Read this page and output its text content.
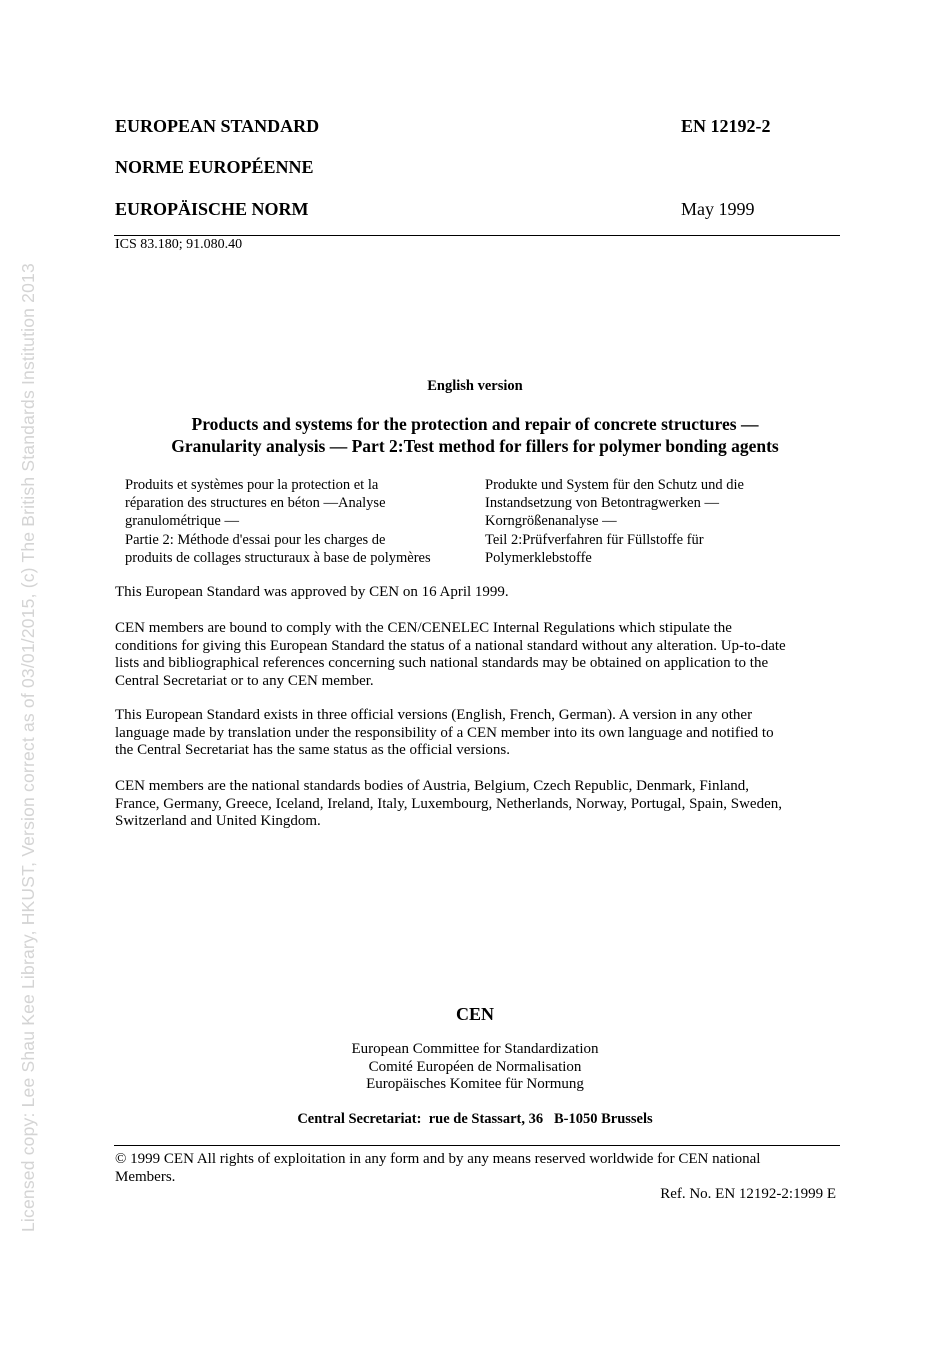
Licensed copy: Lee Shau Kee Library, HKUST, Version correct as of 03/01/2015, (c) The British Standards Institution 2013
EUROPEAN STANDARD	EN 12192-2
NORME EUROPÉENNE
EUROPÄISCHE NORM	May 1999
ICS 83.180; 91.080.40
English version
Products and systems for the protection and repair of concrete structures —
Granularity analysis — Part 2:Test method for fillers for polymer bonding agents
Produits et systèmes pour la protection et la
réparation des structures en béton —Analyse
granulométrique —
Partie 2: Méthode d'essai pour les charges de
produits de collages structuraux à base de polymères
Produkte und System für den Schutz und die
Instandsetzung von Betontragwerken —
Korngrößenanalyse —
Teil 2:Prüfverfahren für Füllstoffe für
Polymerklebstoffe
This European Standard was approved by CEN on 16 April 1999.
CEN members are bound to comply with the CEN/CENELEC Internal Regulations which stipulate the
conditions for giving this European Standard the status of a national standard without any alteration. Up-to-date
lists and bibliographical references concerning such national standards may be obtained on application to the
Central Secretariat or to any CEN member.
This European Standard exists in three official versions (English, French, German). A version in any other
language made by translation under the responsibility of a CEN member into its own language and notified to
the Central Secretariat has the same status as the official versions.
CEN members are the national standards bodies of Austria, Belgium, Czech Republic, Denmark, Finland,
France, Germany, Greece, Iceland, Ireland, Italy, Luxembourg, Netherlands, Norway, Portugal, Spain, Sweden,
Switzerland and United Kingdom.
CEN
European Committee for Standardization
Comité Européen de Normalisation
Europäisches Komitee für Normung
Central Secretariat:  rue de Stassart, 36   B-1050 Brussels
© 1999 CEN All rights of exploitation in any form and by any means reserved worldwide for CEN national
Members.
Ref. No. EN 12192-2:1999 E
